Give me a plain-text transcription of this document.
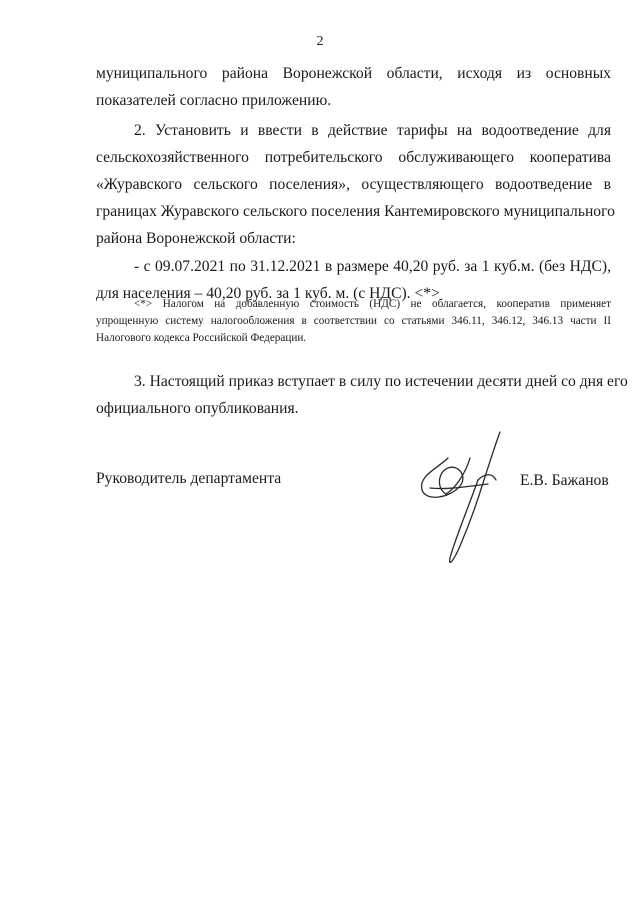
2
муниципального района Воронежской области, исходя из основных
показателей согласно приложению.
2. Установить и ввести в действие тарифы на водоотведение для
сельскохозяйственного потребительского обслуживающего кооператива
«Журавского сельского поселения», осуществляющего водоотведение в
границах Журавского сельского поселения Кантемировского муниципального
района Воронежской области:
- с 09.07.2021 по 31.12.2021 в размере 40,20 руб. за 1 куб.м. (без НДС),
для населения – 40,20 руб. за 1 куб. м. (с НДС). <*>
<*> Налогом на добавленную стоимость (НДС) не облагается, кооператив применяет
упрощенную систему налогообложения в соответствии со статьями 346.11, 346.12, 346.13 части II
Налогового кодекса Российской Федерации.
3. Настоящий приказ вступает в силу по истечении десяти дней со дня его
официального опубликования.
Руководитель департамента	Е.В. Бажанов
